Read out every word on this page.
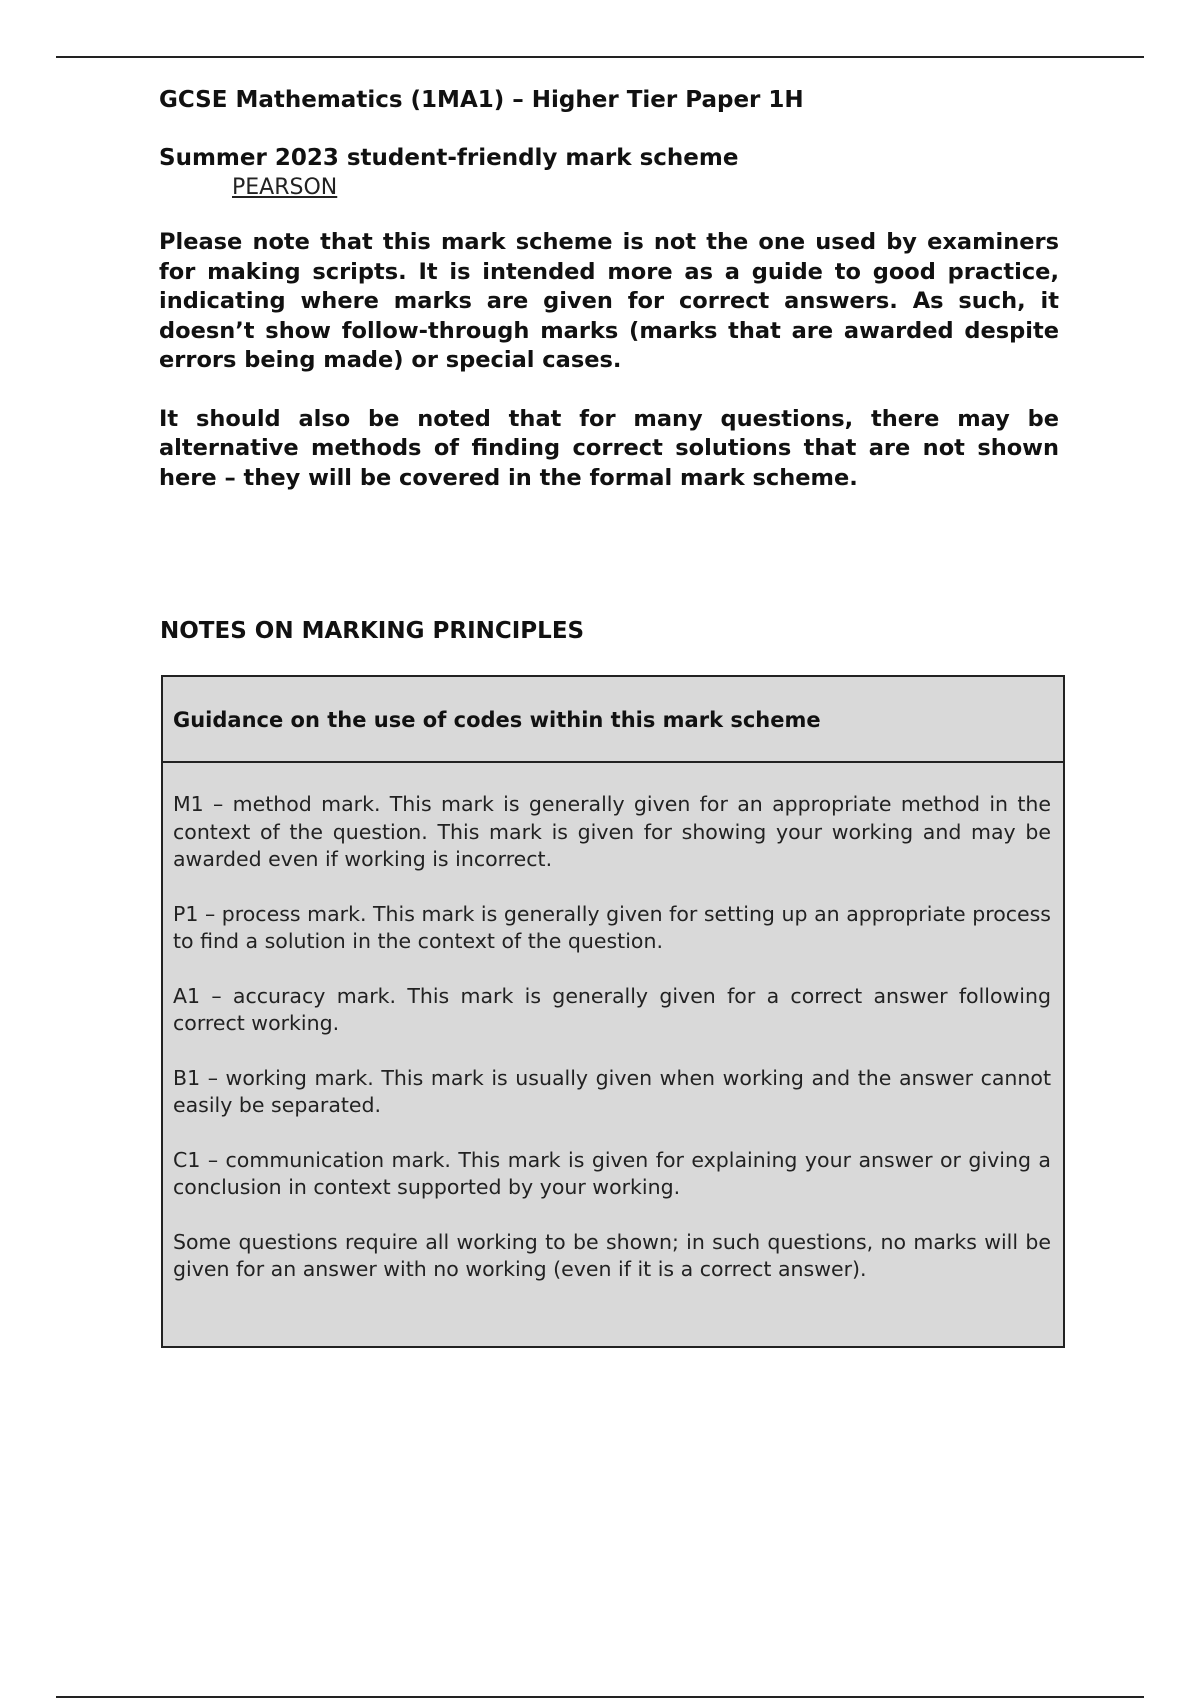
GCSE Mathematics (1MA1) – Higher Tier Paper 1H

Summer 2023 student-friendly mark scheme

PEARSON

Please note that this mark scheme is not the one used by examiners for making scripts. It is intended more as a guide to good practice, indicating where marks are given for correct answers. As such, it doesn’t show follow-through marks (marks that are awarded despite errors being made) or special cases.

It should also be noted that for many questions, there may be alternative methods of finding correct solutions that are not shown here – they will be covered in the formal mark scheme.

NOTES ON MARKING PRINCIPLES
Guidance on the use of codes within this mark scheme

M1 – method mark. This mark is generally given for an appropriate method in the context of the question. This mark is given for showing your working and may be awarded even if working is incorrect.

P1 – process mark. This mark is generally given for setting up an appropriate process to find a solution in the context of the question.

A1 – accuracy mark. This mark is generally given for a correct answer following correct working.

B1 – working mark. This mark is usually given when working and the answer cannot easily be separated.

C1 – communication mark. This mark is given for explaining your answer or giving a conclusion in context supported by your working.

Some questions require all working to be shown; in such questions, no marks will be given for an answer with no working (even if it is a correct answer).
